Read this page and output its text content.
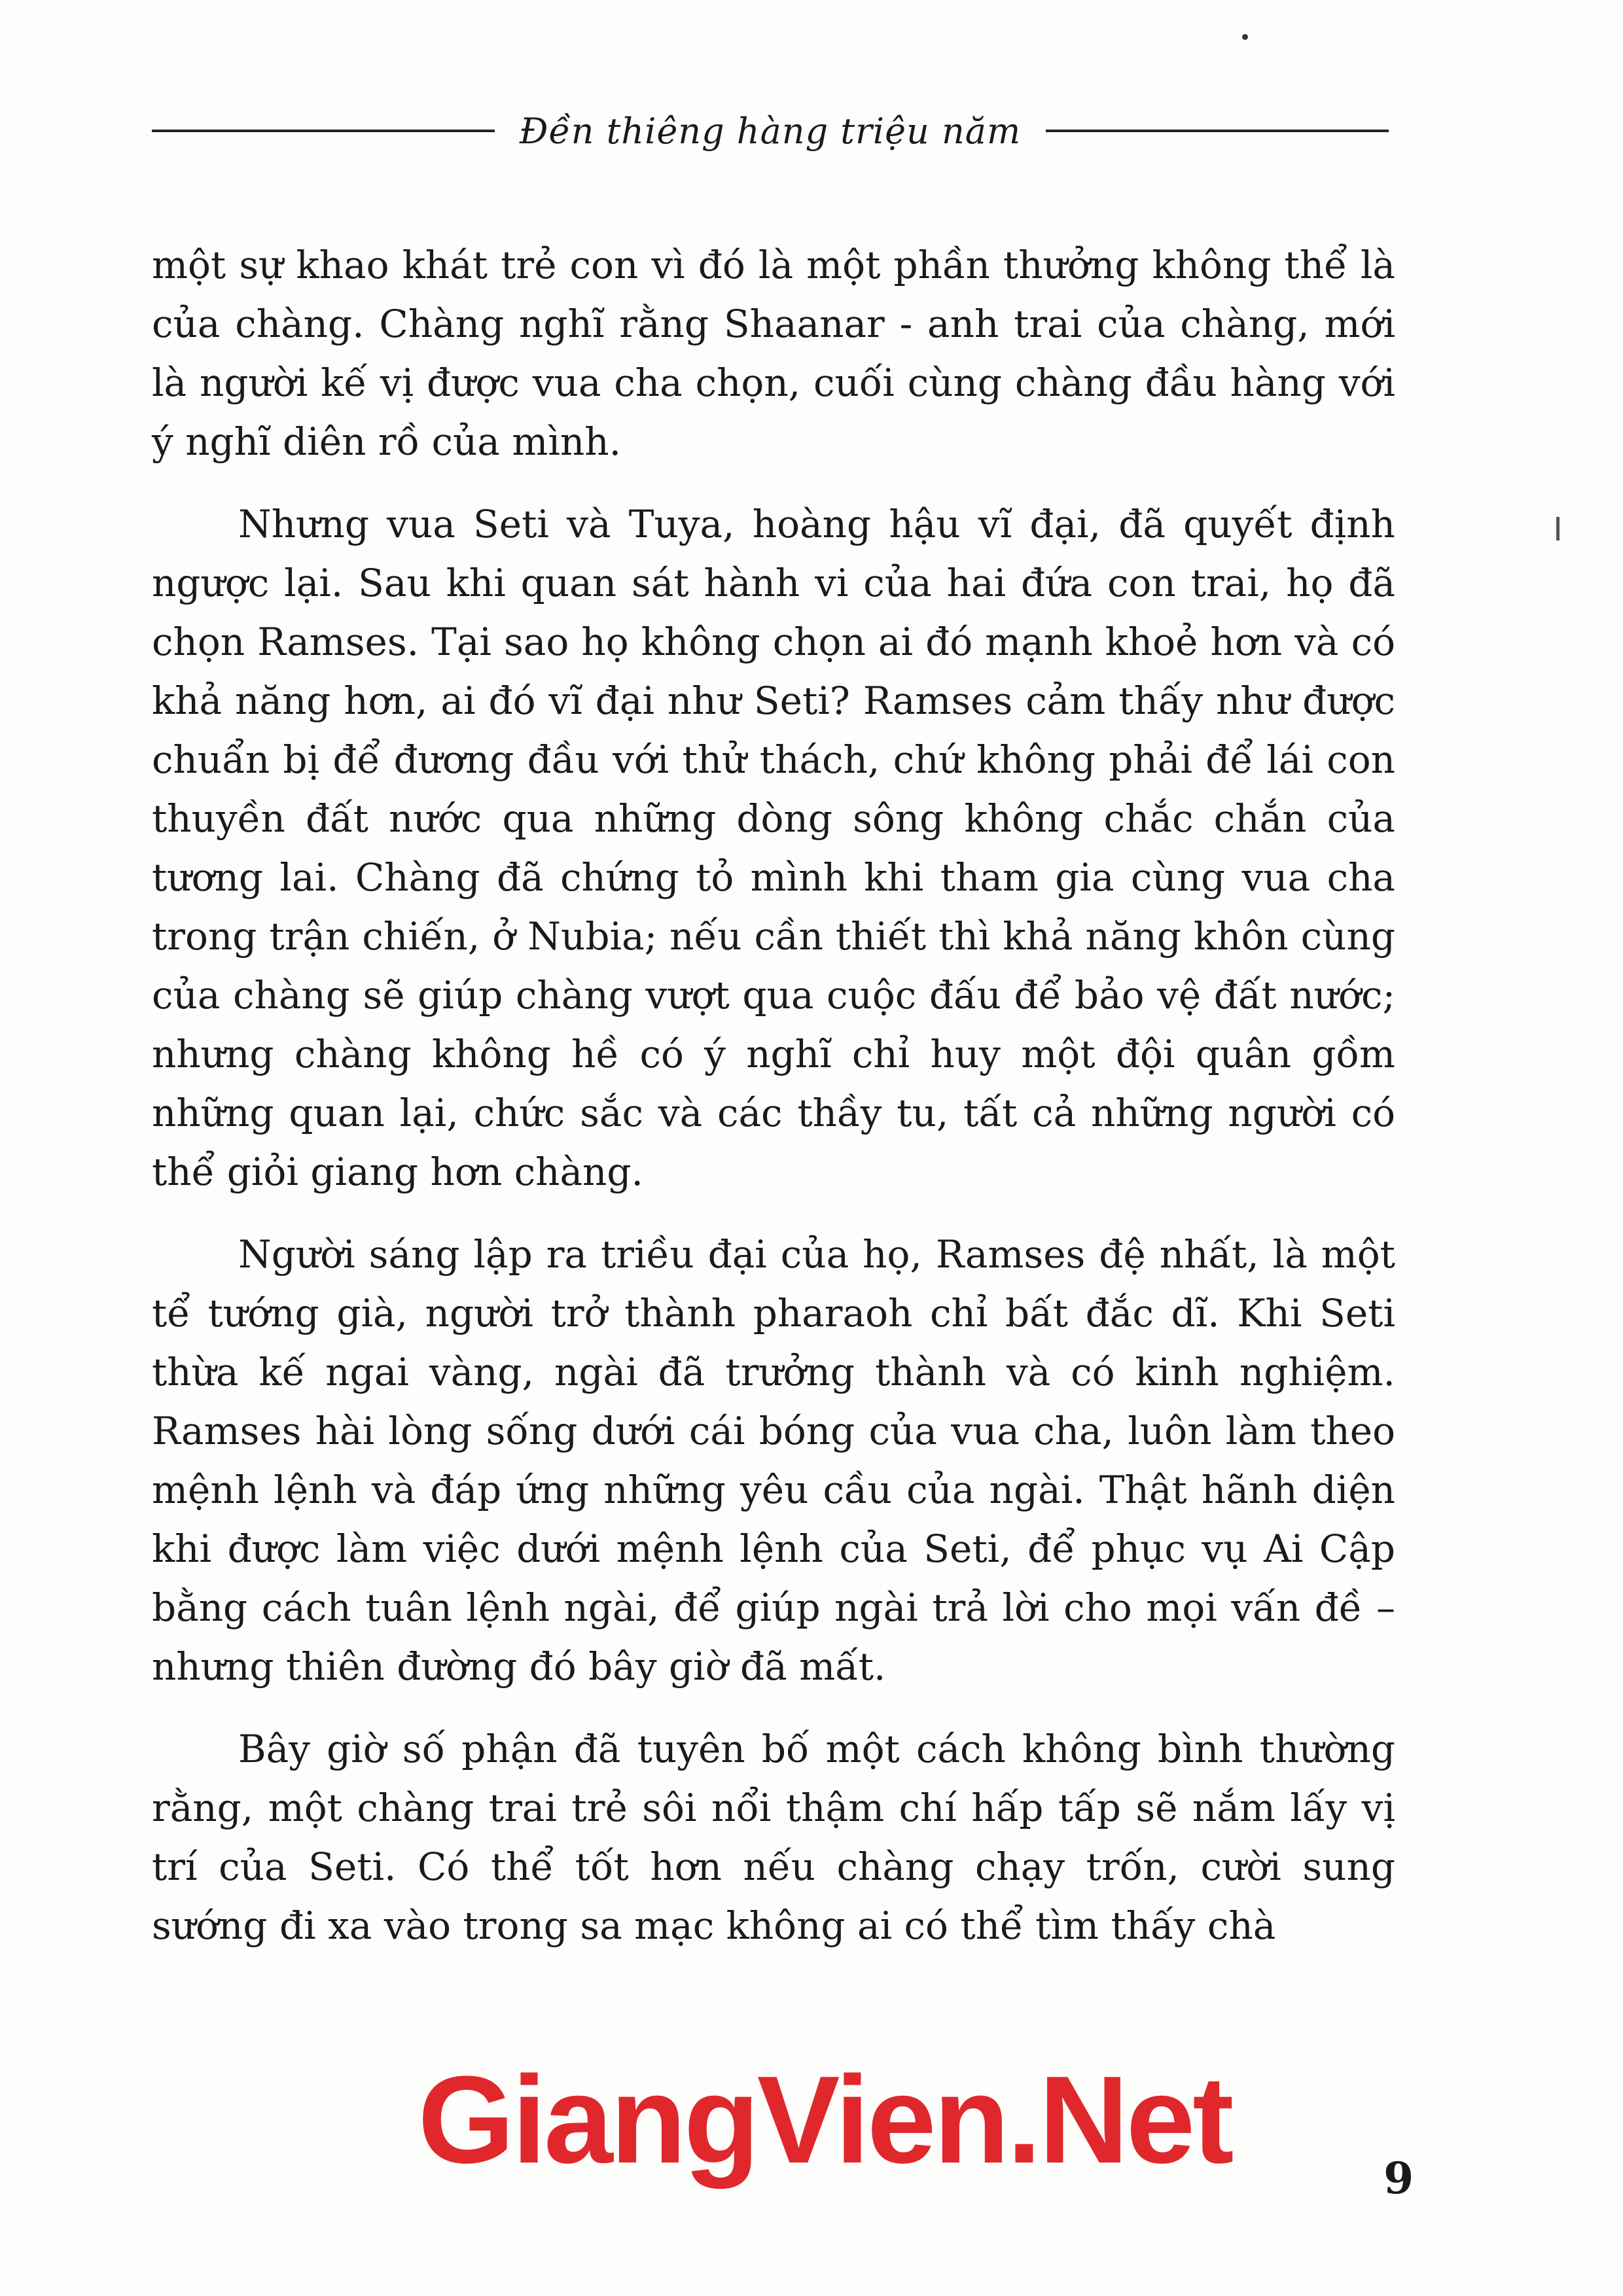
Đền thiêng hàng triệu năm

một sự khao khát trẻ con vì đó là một phần thưởng không thể là của chàng. Chàng nghĩ rằng Shaanar - anh trai của chàng, mới là người kế vị được vua cha chọn, cuối cùng chàng đầu hàng với ý nghĩ diên rồ của mình.

Nhưng vua Seti và Tuya, hoàng hậu vĩ đại, đã quyết định ngược lại. Sau khi quan sát hành vi của hai đứa con trai, họ đã chọn Ramses. Tại sao họ không chọn ai đó mạnh khoẻ hơn và có khả năng hơn, ai đó vĩ đại như Seti? Ramses cảm thấy như được chuẩn bị để đương đầu với thử thách, chứ không phải để lái con thuyền đất nước qua những dòng sông không chắc chắn của tương lai. Chàng đã chứng tỏ mình khi tham gia cùng vua cha trong trận chiến, ở Nubia; nếu cần thiết thì khả năng khôn cùng của chàng sẽ giúp chàng vượt qua cuộc đấu để bảo vệ đất nước; nhưng chàng không hề có ý nghĩ chỉ huy một đội quân gồm những quan lại, chức sắc và các thầy tu, tất cả những người có thể giỏi giang hơn chàng.

Người sáng lập ra triều đại của họ, Ramses đệ nhất, là một tể tướng già, người trở thành pharaoh chỉ bất đắc dĩ. Khi Seti thừa kế ngai vàng, ngài đã trưởng thành và có kinh nghiệm. Ramses hài lòng sống dưới cái bóng của vua cha, luôn làm theo mệnh lệnh và đáp ứng những yêu cầu của ngài. Thật hãnh diện khi được làm việc dưới mệnh lệnh của Seti, để phục vụ Ai Cập bằng cách tuân lệnh ngài, để giúp ngài trả lời cho mọi vấn đề – nhưng thiên đường đó bây giờ đã mất.

Bây giờ số phận đã tuyên bố một cách không bình thường rằng, một chàng trai trẻ sôi nổi thậm chí hấp tấp sẽ nắm lấy vị trí của Seti. Có thể tốt hơn nếu chàng chạy trốn, cười sung sướng đi xa vào trong sa mạc không ai có thể tìm thấy chà

GiangVien.Net	9
